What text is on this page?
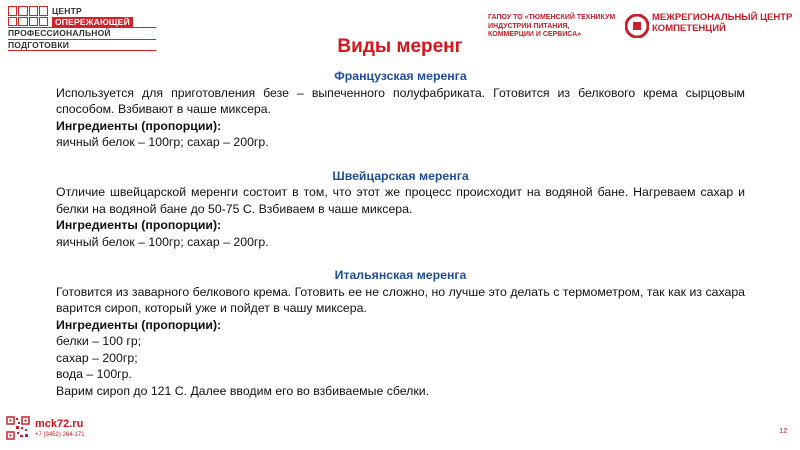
ЦЕНТР
ОПЕРЕЖАЮЩЕЙ
ПРОФЕССИОНАЛЬНОЙ
ПОДГОТОВКИ
ГАПОУ ТО «ТЮМЕНСКИЙ ТЕХНИКУМ ИНДУСТРИИ ПИТАНИЯ, КОММЕРЦИИ И СЕРВИСА»
МЕЖРЕГИОНАЛЬНЫЙ ЦЕНТР
КОМПЕТЕНЦИЙ
Виды меренг
Французская меренга
Используется для приготовления безе – выпеченного полуфабриката. Готовится из белкового крема сырцовым способом. Взбивают в чаше миксера.
Ингредиенты (пропорции):
яичный белок – 100гр; сахар – 200гр.
Швейцарская меренга
Отличие швейцарской меренги состоит в том, что этот же процесс происходит на водяной бане. Нагреваем сахар и белки на водяной бане до 50-75 С. Взбиваем в чаше миксера.
Ингредиенты (пропорции):
яичный белок – 100гр; сахар – 200гр.
Итальянская меренга
Готовится из заварного белкового крема. Готовить ее не сложно, но лучше это делать с термометром, так как из сахара варится сироп, который уже и пойдет в чашу миксера.
Ингредиенты (пропорции):
белки – 100 гр;
сахар – 200гр;
вода – 100гр.
Варим сироп до 121 С. Далее вводим его во взбиваемые сбелки.
mck72.ru
+7 (3452) 264-171	12
